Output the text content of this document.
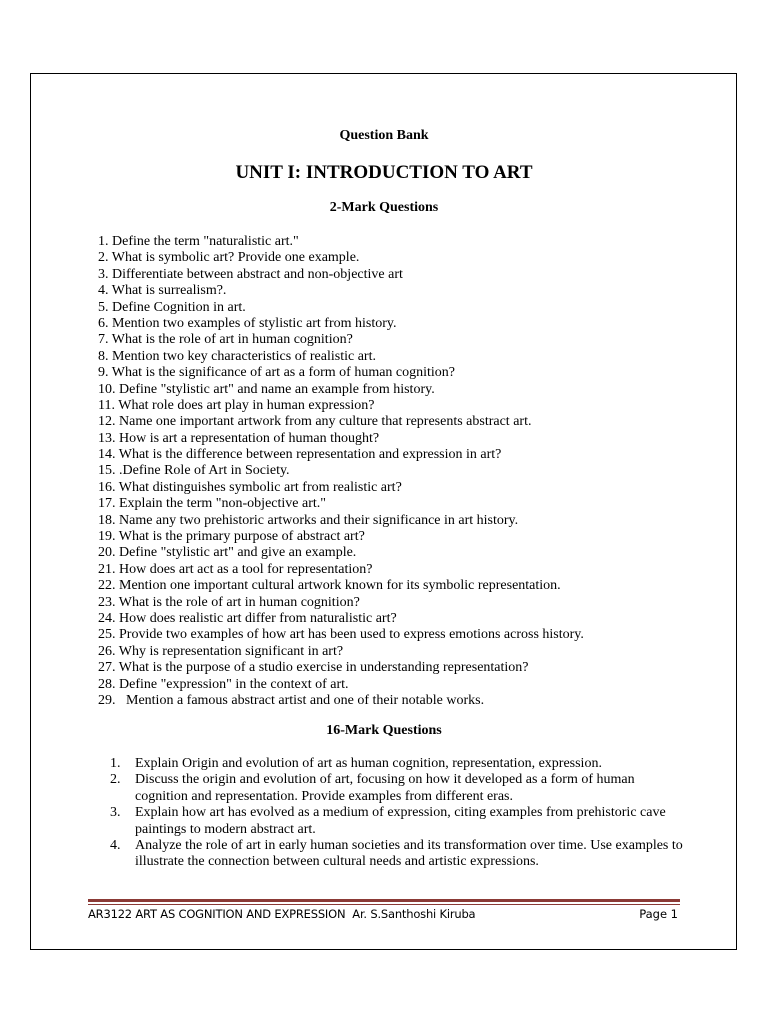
Question Bank
UNIT I: INTRODUCTION TO ART
2-Mark Questions
1. Define the term "naturalistic art."
2. What is symbolic art? Provide one example.
3. Differentiate between abstract and non-objective art
4. What is surrealism?.
5. Define Cognition in art.
6. Mention two examples of stylistic art from history.
7. What is the role of art in human cognition?
8. Mention two key characteristics of realistic art.
9. What is the significance of art as a form of human cognition?
10. Define "stylistic art" and name an example from history.
11. What role does art play in human expression?
12. Name one important artwork from any culture that represents abstract art.
13. How is art a representation of human thought?
14. What is the difference between representation and expression in art?
15. .Define Role of Art in Society.
16. What distinguishes symbolic art from realistic art?
17. Explain the term "non-objective art."
18. Name any two prehistoric artworks and their significance in art history.
19. What is the primary purpose of abstract art?
20. Define "stylistic art" and give an example.
21. How does art act as a tool for representation?
22. Mention one important cultural artwork known for its symbolic representation.
23. What is the role of art in human cognition?
24. How does realistic art differ from naturalistic art?
25. Provide two examples of how art has been used to express emotions across history.
26. Why is representation significant in art?
27. What is the purpose of a studio exercise in understanding representation?
28. Define "expression" in the context of art.
29.   Mention a famous abstract artist and one of their notable works.
16-Mark Questions
1. Explain Origin and evolution of art as human cognition, representation, expression.
2. Discuss the origin and evolution of art, focusing on how it developed as a form of human cognition and representation. Provide examples from different eras.
3. Explain how art has evolved as a medium of expression, citing examples from prehistoric cave paintings to modern abstract art.
4. Analyze the role of art in early human societies and its transformation over time. Use examples to illustrate the connection between cultural needs and artistic expressions.
AR3122 ART AS COGNITION AND EXPRESSION  Ar. S.Santhoshi Kiruba	Page 1
